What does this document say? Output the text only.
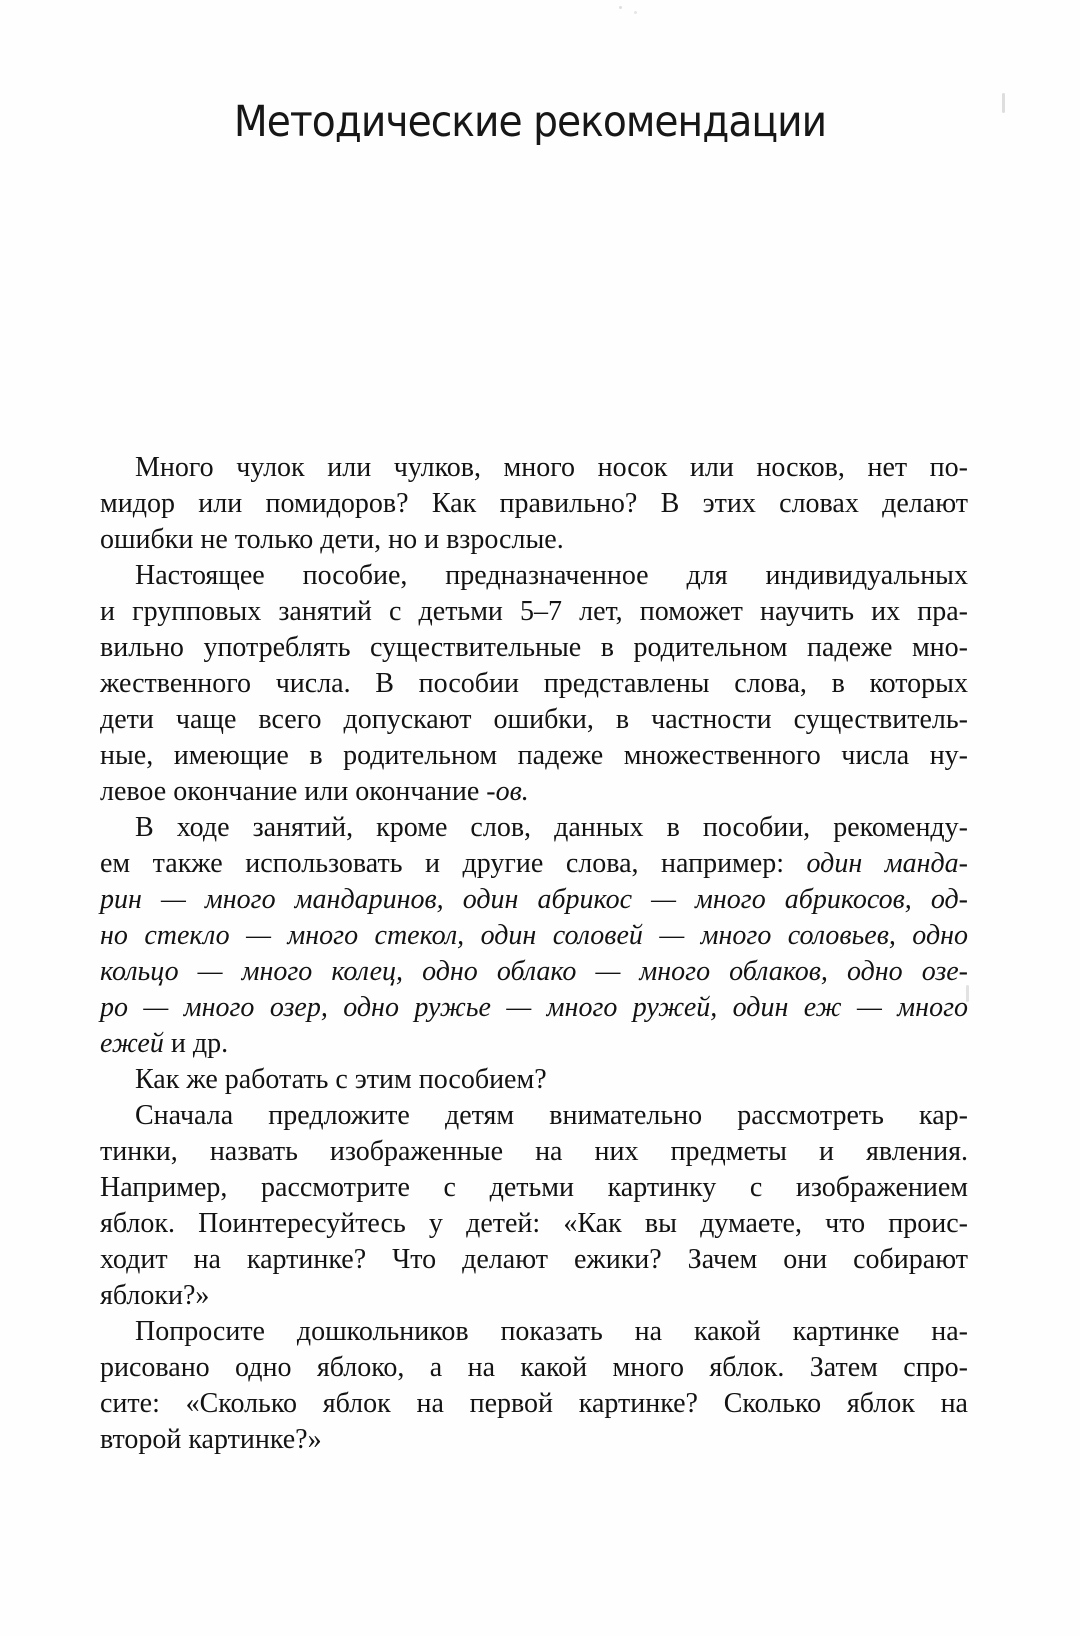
Методические рекомендации
Много чулок или чулков, много носок или носков, нет по-
мидор или помидоров? Как правильно? В этих словах делают
ошибки не только дети, но и взрослые.
Настоящее пособие, предназначенное для индивидуальных
и групповых занятий с детьми 5–7 лет, поможет научить их пра-
вильно употреблять существительные в родительном падеже мно-
жественного числа. В пособии представлены слова, в которых
дети чаще всего допускают ошибки, в частности существитель-
ные, имеющие в родительном падеже множественного числа ну-
левое окончание или окончание -ов.
В ходе занятий, кроме слов, данных в пособии, рекоменду-
ем также использовать и другие слова, например: один манда-
рин — много мандаринов, один абрикос — много абрикосов, од-
но стекло — много стекол, один соловей — много соловьев, одно
кольцо — много колец, одно облако — много облаков, одно озе-
ро — много озер, одно ружье — много ружей, один еж — много
ежей и др.
Как же работать с этим пособием?
Сначала предложите детям внимательно рассмотреть кар-
тинки, назвать изображенные на них предметы и явления.
Например, рассмотрите с детьми картинку с изображением
яблок. Поинтересуйтесь у детей: «Как вы думаете, что проис-
ходит на картинке? Что делают ежики? Зачем они собирают
яблоки?»
Попросите дошкольников показать на какой картинке на-
рисовано одно яблоко, а на какой много яблок. Затем спро-
сите: «Сколько яблок на первой картинке? Сколько яблок на
второй картинке?»
